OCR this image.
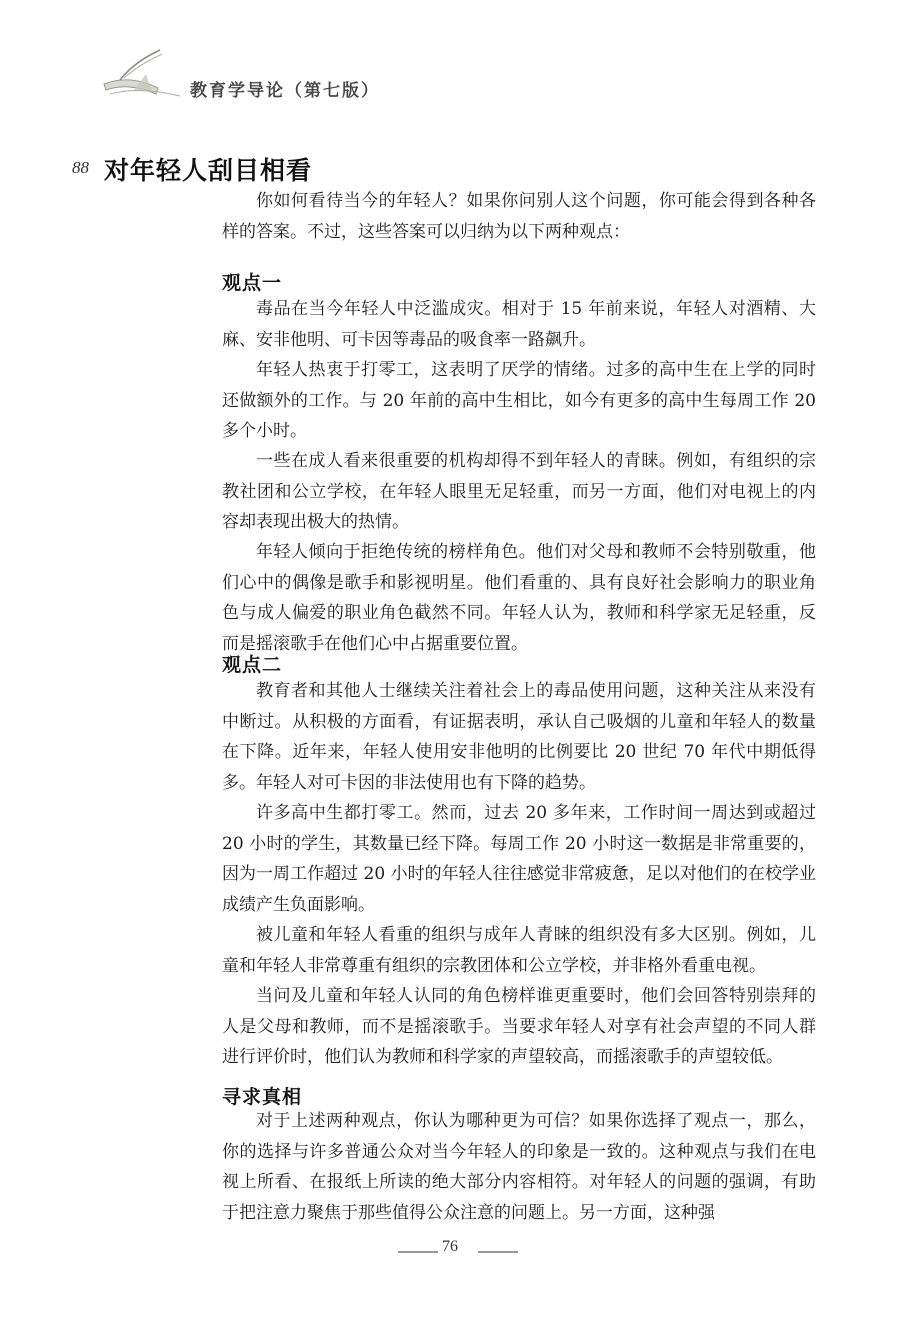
教育学导论（第七版）
88 对年轻人刮目相看

你如何看待当今的年轻人？如果你问别人这个问题，你可能会得到各种各样的答案。不过，这些答案可以归纳为以下两种观点：

观点一

毒品在当今年轻人中泛滥成灾。相对于 15 年前来说，年轻人对酒精、大麻、安非他明、可卡因等毒品的吸食率一路飙升。

年轻人热衷于打零工，这表明了厌学的情绪。过多的高中生在上学的同时还做额外的工作。与 20 年前的高中生相比，如今有更多的高中生每周工作 20 多个小时。

一些在成人看来很重要的机构却得不到年轻人的青睐。例如，有组织的宗教社团和公立学校，在年轻人眼里无足轻重，而另一方面，他们对电视上的内容却表现出极大的热情。

年轻人倾向于拒绝传统的榜样角色。他们对父母和教师不会特别敬重，他们心中的偶像是歌手和影视明星。他们看重的、具有良好社会影响力的职业角色与成人偏爱的职业角色截然不同。年轻人认为，教师和科学家无足轻重，反而是摇滚歌手在他们心中占据重要位置。

观点二

教育者和其他人士继续关注着社会上的毒品使用问题，这种关注从来没有中断过。从积极的方面看，有证据表明，承认自己吸烟的儿童和年轻人的数量在下降。近年来，年轻人使用安非他明的比例要比 20 世纪 70 年代中期低得多。年轻人对可卡因的非法使用也有下降的趋势。

许多高中生都打零工。然而，过去 20 多年来，工作时间一周达到或超过 20 小时的学生，其数量已经下降。每周工作 20 小时这一数据是非常重要的，因为一周工作超过 20 小时的年轻人往往感觉非常疲惫，足以对他们的在校学业成绩产生负面影响。

被儿童和年轻人看重的组织与成年人青睐的组织没有多大区别。例如，儿童和年轻人非常尊重有组织的宗教团体和公立学校，并非格外看重电视。

当问及儿童和年轻人认同的角色榜样谁更重要时，他们会回答特别崇拜的人是父母和教师，而不是摇滚歌手。当要求年轻人对享有社会声望的不同人群进行评价时，他们认为教师和科学家的声望较高，而摇滚歌手的声望较低。

寻求真相

对于上述两种观点，你认为哪种更为可信？如果你选择了观点一，那么，你的选择与许多普通公众对当今年轻人的印象是一致的。这种观点与我们在电视上所看、在报纸上所读的绝大部分内容相符。对年轻人的问题的强调，有助于把注意力聚焦于那些值得公众注意的问题上。另一方面，这种强

76
